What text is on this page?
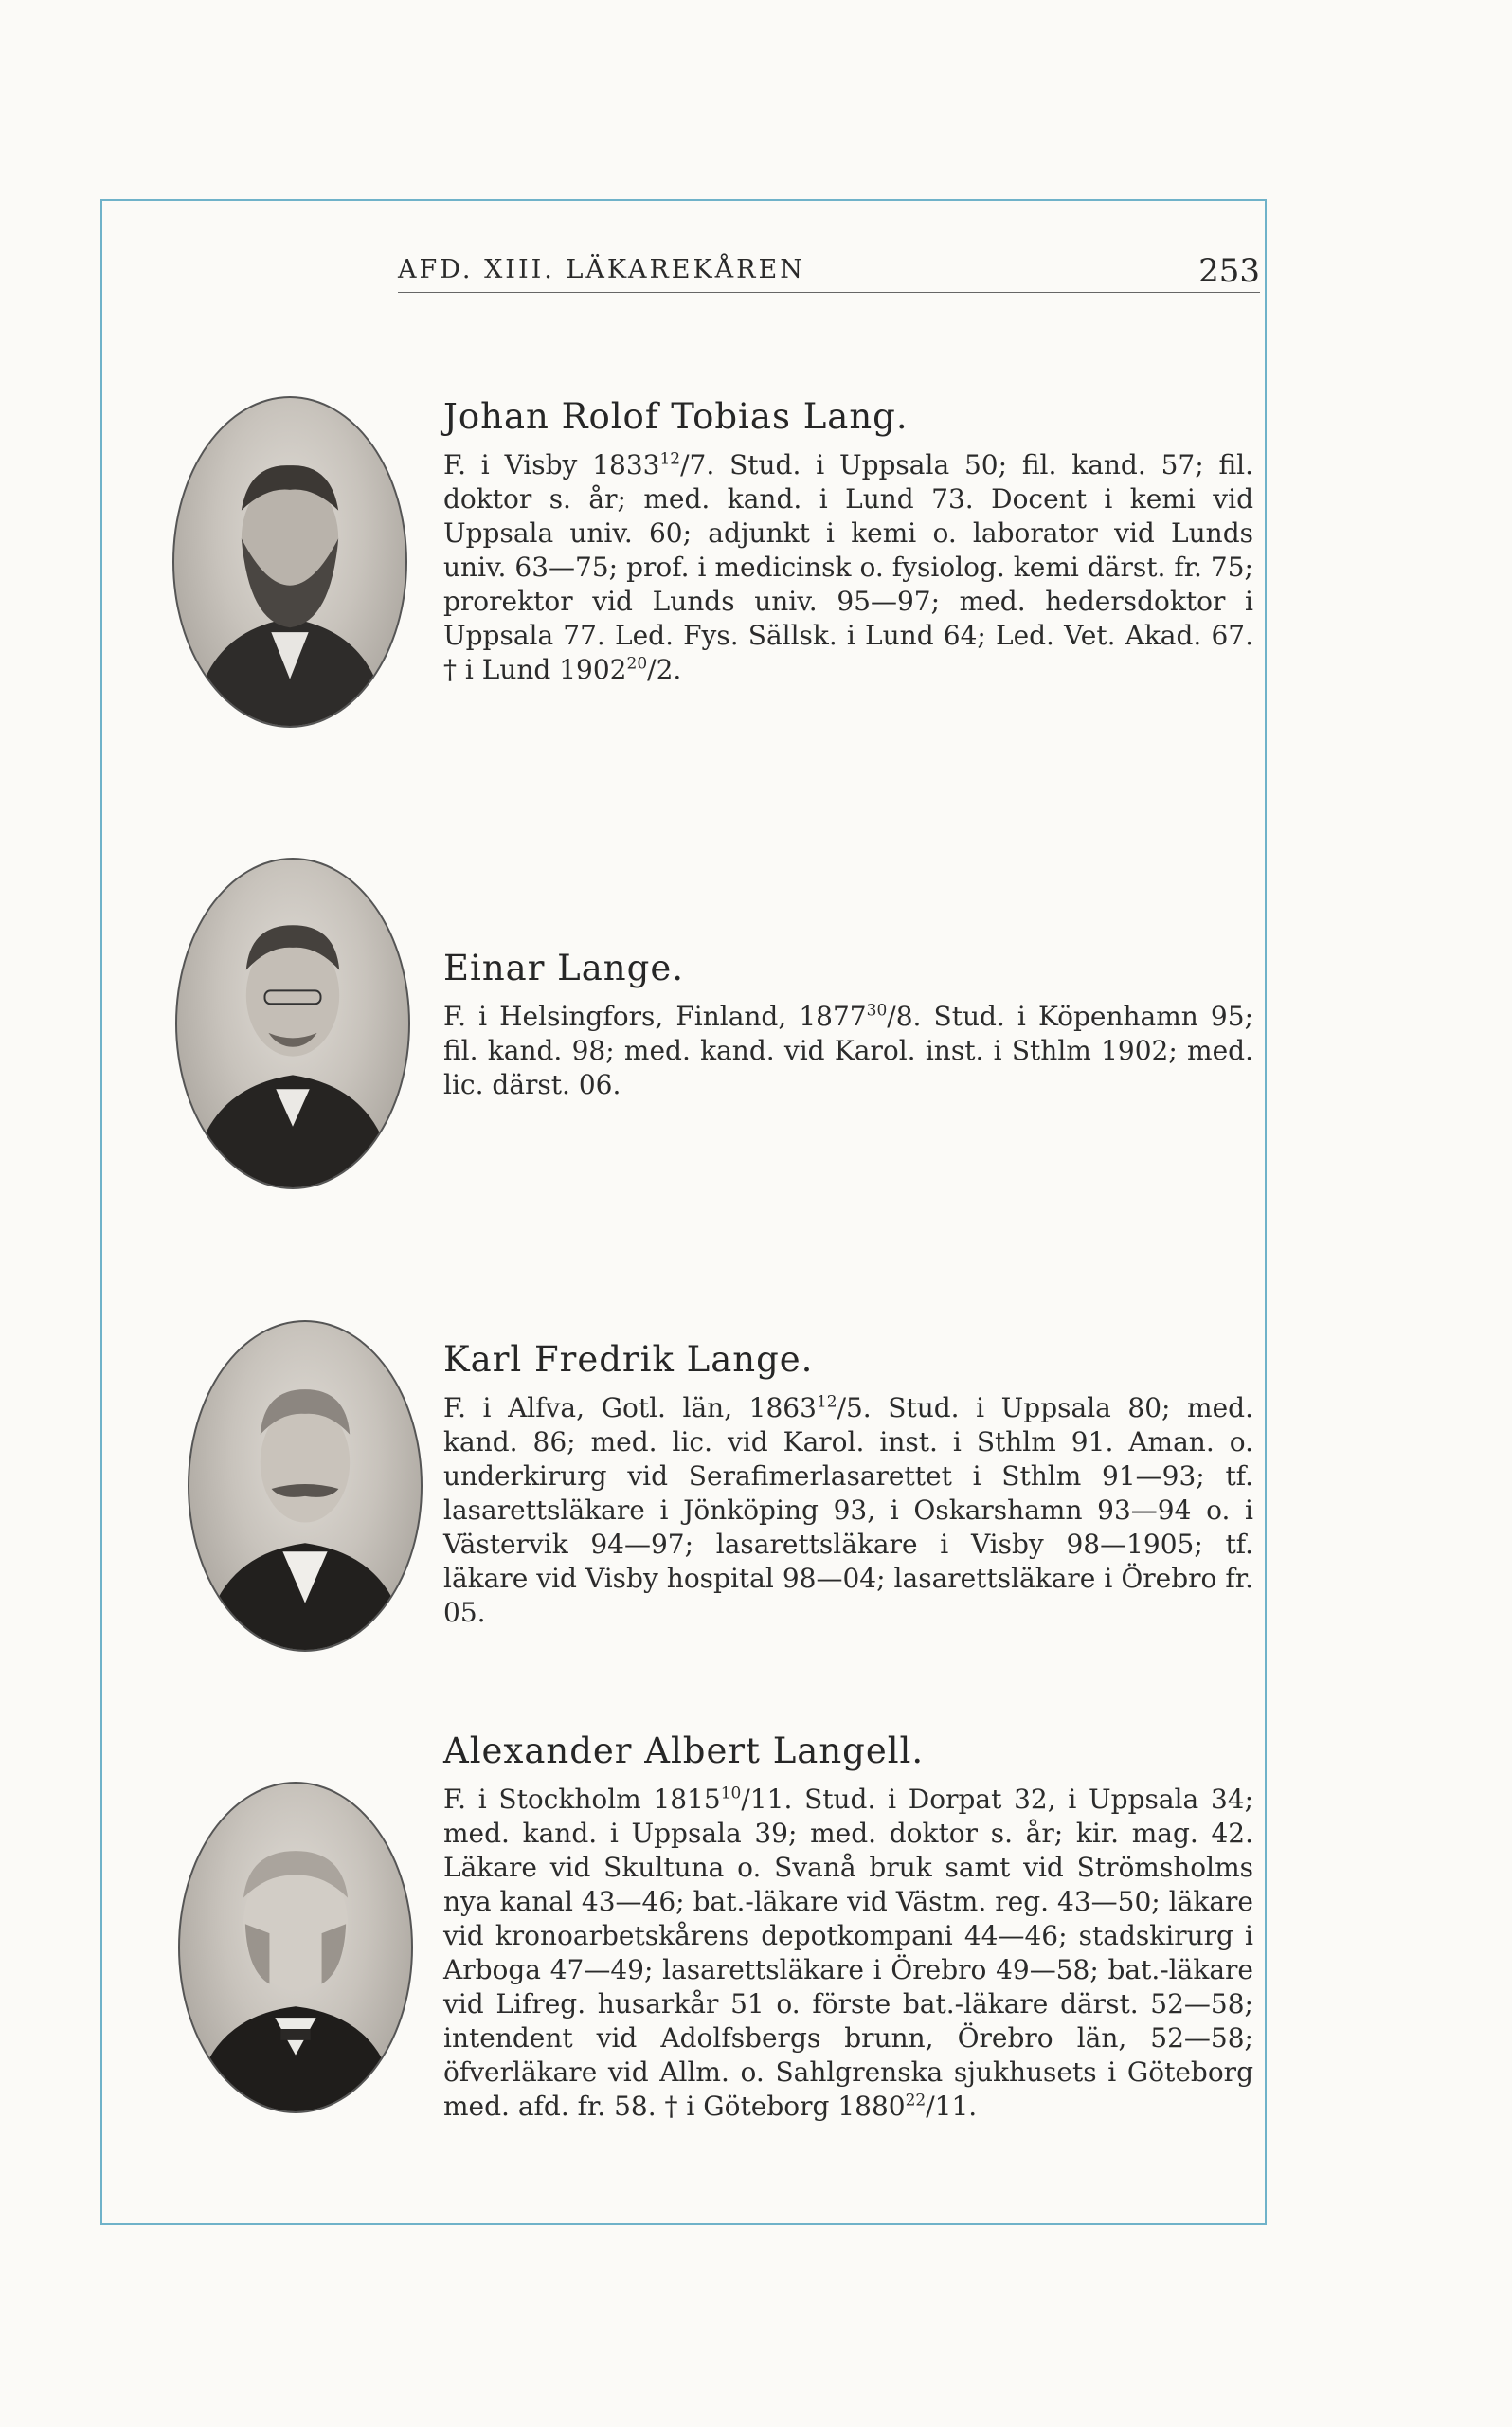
AFD. XIII. LÄKAREKÅREN	253
Johan Rolof Tobias Lang.
F. i Visby 1833$^{12}$/7. Stud. i Uppsala 50; fil. kand. 57; fil. doktor s. år; med. kand. i Lund 73. Docent i kemi vid Uppsala univ. 60; adjunkt i kemi o. laborator vid Lunds univ. 63—75; prof. i medicinsk o. fysiolog. kemi därst. fr. 75; prorektor vid Lunds univ. 95—97; med. hedersdoktor i Uppsala 77. Led. Fys. Sällsk. i Lund 64; Led. Vet. Akad. 67. † i Lund 1902$^{20}$/2.
Einar Lange.
F. i Helsingfors, Finland, 1877$^{30}$/8. Stud. i Köpenhamn 95; fil. kand. 98; med. kand. vid Karol. inst. i Sthlm 1902; med. lic. därst. 06.
Karl Fredrik Lange.
F. i Alfva, Gotl. län, 1863$^{12}$/5. Stud. i Uppsala 80; med. kand. 86; med. lic. vid Karol. inst. i Sthlm 91. Aman. o. underkirurg vid Serafimerlasarettet i Sthlm 91—93; tf. lasarettsläkare i Jönköping 93, i Oskarshamn 93—94 o. i Västervik 94—97; lasarettsläkare i Visby 98—1905; tf. läkare vid Visby hospital 98—04; lasarettsläkare i Örebro fr. 05.
Alexander Albert Langell.
F. i Stockholm 1815$^{10}$/11. Stud. i Dorpat 32, i Uppsala 34; med. kand. i Uppsala 39; med. doktor s. år; kir. mag. 42. Läkare vid Skultuna o. Svanå bruk samt vid Strömsholms nya kanal 43—46; bat.-läkare vid Västm. reg. 43—50; läkare vid kronoarbetskårens depotkompani 44—46; stadskirurg i Arboga 47—49; lasarettsläkare i Örebro 49—58; bat.-läkare vid Lifreg. husarkår 51 o. förste bat.-läkare därst. 52—58; intendent vid Adolfsbergs brunn, Örebro län, 52—58; öfverläkare vid Allm. o. Sahlgrenska sjukhusets i Göteborg med. afd. fr. 58. † i Göteborg 1880$^{22}$/11.
